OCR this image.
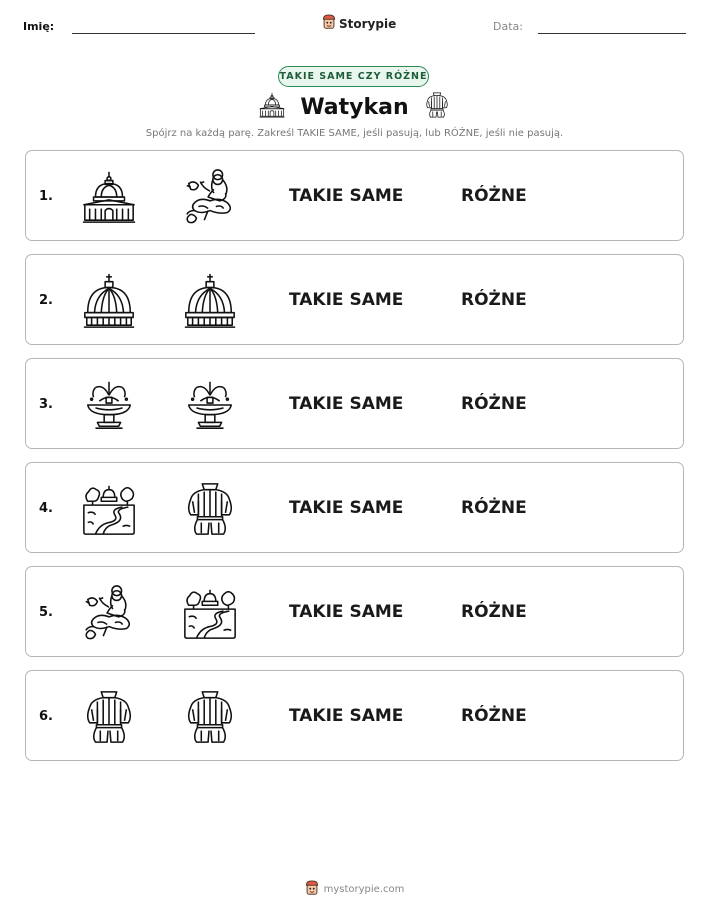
Imię:	Storypie	Data:
TAKIE SAME CZY RÓŻNE
Watykan
Spójrz na każdą parę. Zakreśl TAKIE SAME, jeśli pasują, lub RÓŻNE, jeśli nie pasują.
1.	TAKIE SAME	RÓŻNE
2.	TAKIE SAME	RÓŻNE
3.	TAKIE SAME	RÓŻNE
4.	TAKIE SAME	RÓŻNE
5.	TAKIE SAME	RÓŻNE
6.	TAKIE SAME	RÓŻNE
mystorypie.com
